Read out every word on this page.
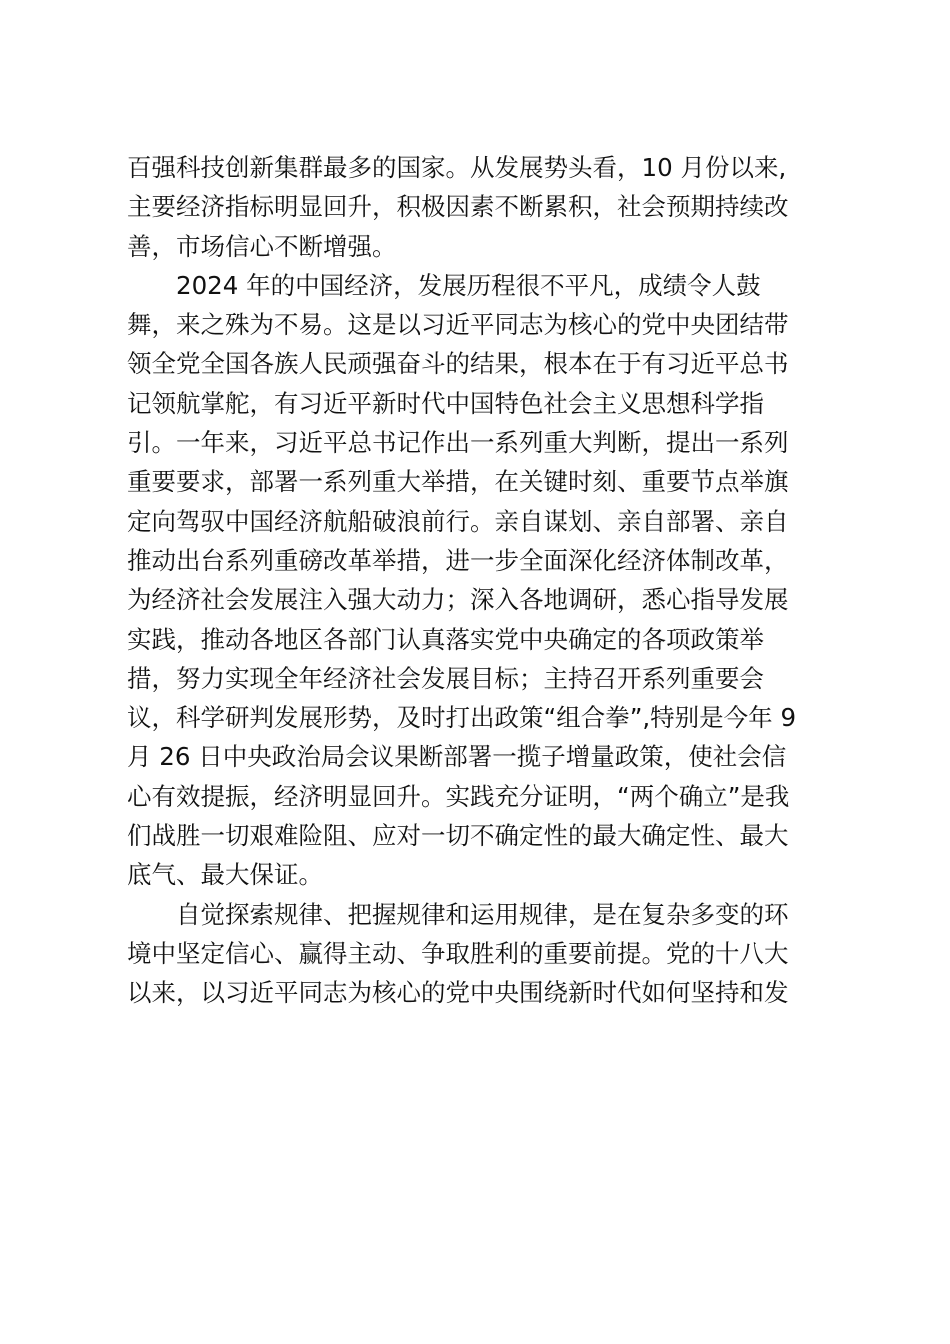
百强科技创新集群最多的国家。从发展势头看，10 月份以来,
主要经济指标明显回升，积极因素不断累积，社会预期持续改
善，市场信心不断增强。
2024 年的中国经济，发展历程很不平凡，成绩令人鼓
舞，来之殊为不易。这是以习近平同志为核心的党中央团结带
领全党全国各族人民顽强奋斗的结果，根本在于有习近平总书
记领航掌舵，有习近平新时代中国特色社会主义思想科学指
引。一年来，习近平总书记作出一系列重大判断，提出一系列
重要要求，部署一系列重大举措，在关键时刻、重要节点举旗
定向驾驭中国经济航船破浪前行。亲自谋划、亲自部署、亲自
推动出台系列重磅改革举措，进一步全面深化经济体制改革，
为经济社会发展注入强大动力；深入各地调研，悉心指导发展
实践，推动各地区各部门认真落实党中央确定的各项政策举
措，努力实现全年经济社会发展目标；主持召开系列重要会
议，科学研判发展形势，及时打出政策“组合拳”,特别是今年 9
月 26 日中央政治局会议果断部署一揽子增量政策，使社会信
心有效提振，经济明显回升。实践充分证明，“两个确立”是我
们战胜一切艰难险阻、应对一切不确定性的最大确定性、最大
底气、最大保证。
自觉探索规律、把握规律和运用规律，是在复杂多变的环
境中坚定信心、赢得主动、争取胜利的重要前提。党的十八大
以来，以习近平同志为核心的党中央围绕新时代如何坚持和发
